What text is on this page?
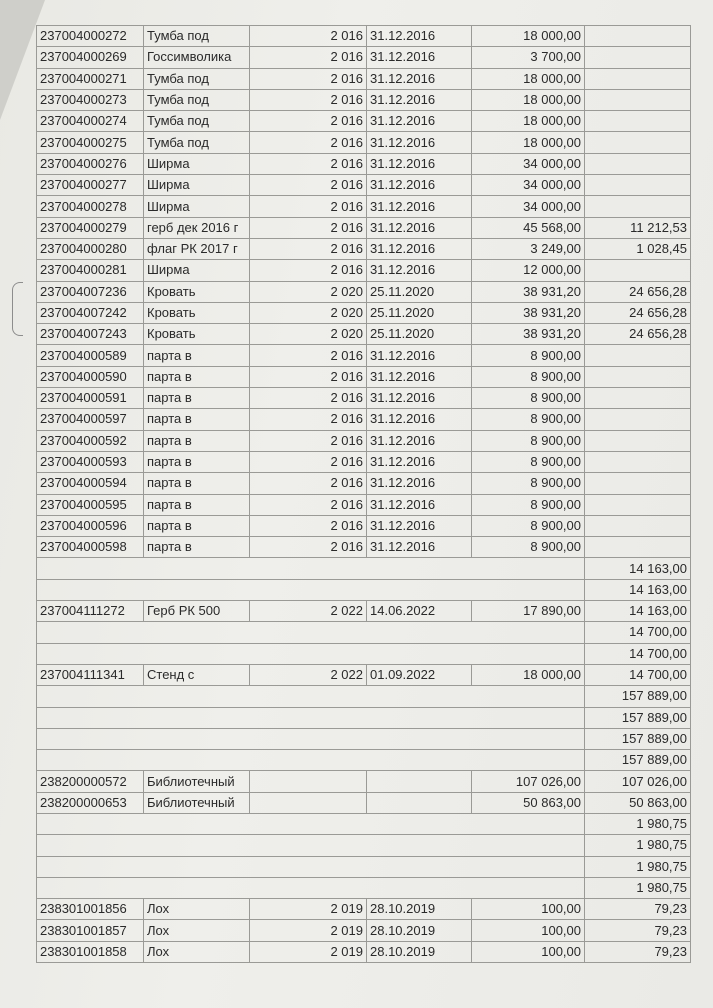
237004000272	Тумба под	2 016	31.12.2016	18 000,00	
237004000269	Госсимволика	2 016	31.12.2016	3 700,00	
237004000271	Тумба под	2 016	31.12.2016	18 000,00	
237004000273	Тумба под	2 016	31.12.2016	18 000,00	
237004000274	Тумба под	2 016	31.12.2016	18 000,00	
237004000275	Тумба под	2 016	31.12.2016	18 000,00	
237004000276	Ширма	2 016	31.12.2016	34 000,00	
237004000277	Ширма	2 016	31.12.2016	34 000,00	
237004000278	Ширма	2 016	31.12.2016	34 000,00	
237004000279	герб дек 2016 г	2 016	31.12.2016	45 568,00	11 212,53
237004000280	флаг РК 2017 г	2 016	31.12.2016	3 249,00	1 028,45
237004000281	Ширма	2 016	31.12.2016	12 000,00	
237004007236	Кровать	2 020	25.11.2020	38 931,20	24 656,28
237004007242	Кровать	2 020	25.11.2020	38 931,20	24 656,28
237004007243	Кровать	2 020	25.11.2020	38 931,20	24 656,28
237004000589	парта в	2 016	31.12.2016	8 900,00	
237004000590	парта в	2 016	31.12.2016	8 900,00	
237004000591	парта в	2 016	31.12.2016	8 900,00	
237004000597	парта в	2 016	31.12.2016	8 900,00	
237004000592	парта в	2 016	31.12.2016	8 900,00	
237004000593	парта в	2 016	31.12.2016	8 900,00	
237004000594	парта в	2 016	31.12.2016	8 900,00	
237004000595	парта в	2 016	31.12.2016	8 900,00	
237004000596	парта в	2 016	31.12.2016	8 900,00	
237004000598	парта в	2 016	31.12.2016	8 900,00	
					14 163,00
					14 163,00
237004111272	Герб РК 500	2 022	14.06.2022	17 890,00	14 163,00
					14 700,00
					14 700,00
237004111341	Стенд с	2 022	01.09.2022	18 000,00	14 700,00
					157 889,00
					157 889,00
					157 889,00
					157 889,00
238200000572	Библиотечный			107 026,00	107 026,00
238200000653	Библиотечный			50 863,00	50 863,00
					1 980,75
					1 980,75
					1 980,75
					1 980,75
238301001856	Лох	2 019	28.10.2019	100,00	79,23
238301001857	Лох	2 019	28.10.2019	100,00	79,23
238301001858	Лох	2 019	28.10.2019	100,00	79,23
